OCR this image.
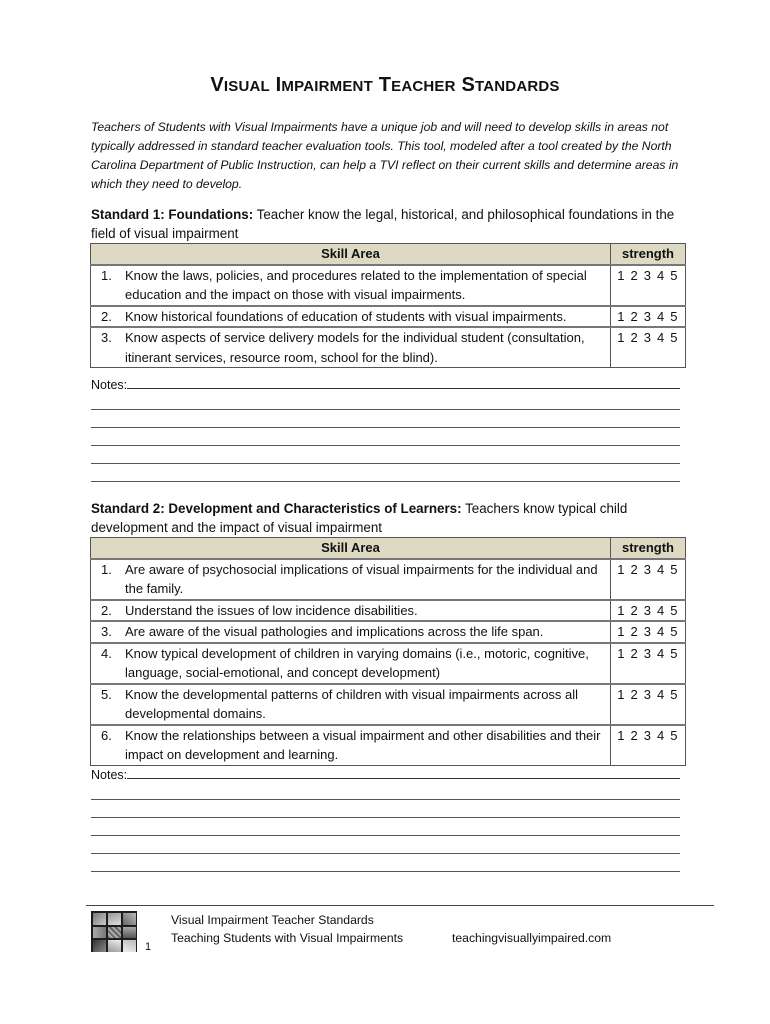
VISUAL IMPAIRMENT TEACHER STANDARDS
Teachers of Students with Visual Impairments have a unique job and will need to develop skills in areas not typically addressed in standard teacher evaluation tools. This tool, modeled after a tool created by the North Carolina Department of Public Instruction, can help a TVI reflect on their current skills and determine areas in which they need to develop.
Standard 1: Foundations: Teacher know the legal, historical, and philosophical foundations in the field of visual impairment
Skill Area	strength
1. Know the laws, policies, and procedures related to the implementation of special education and the impact on those with visual impairments.	1 2 3 4 5
2. Know historical foundations of education of students with visual impairments.	1 2 3 4 5
3. Know aspects of service delivery models for the individual student (consultation, itinerant services, resource room, school for the blind).	1 2 3 4 5
Notes:
Standard 2: Development and Characteristics of Learners: Teachers know typical child development and the impact of visual impairment
Skill Area	strength
1. Are aware of psychosocial implications of visual impairments for the individual and the family.	1 2 3 4 5
2. Understand the issues of low incidence disabilities.	1 2 3 4 5
3. Are aware of the visual pathologies and implications across the life span.	1 2 3 4 5
4. Know typical development of children in varying domains (i.e., motoric, cognitive, language, social-emotional, and concept development)	1 2 3 4 5
5. Know the developmental patterns of children with visual impairments across all developmental domains.	1 2 3 4 5
6. Know the relationships between a visual impairment and other disabilities and their impact on development and learning.	1 2 3 4 5
Notes:
1
Visual Impairment Teacher Standards
Teaching Students with Visual Impairments	teachingvisuallyimpaired.com
